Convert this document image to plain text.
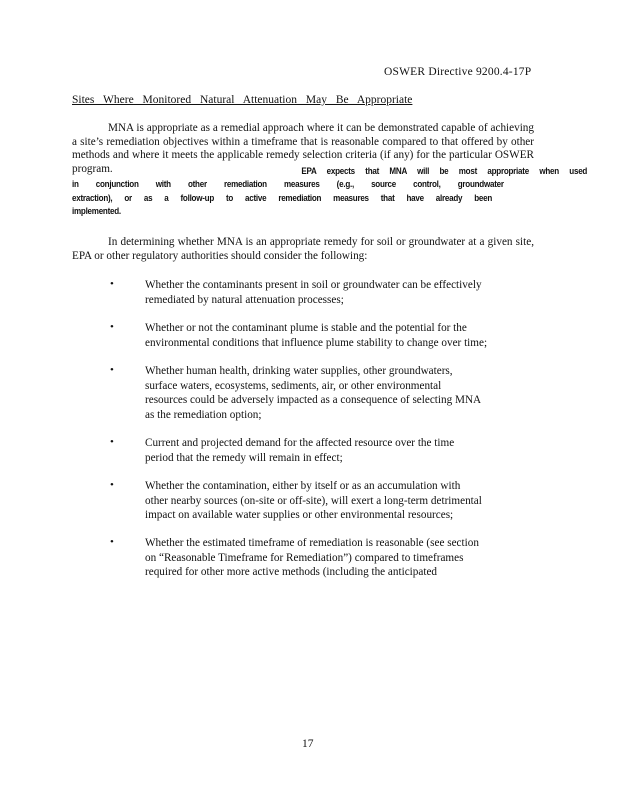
OSWER Directive 9200.4-17P
Sites Where Monitored Natural Attenuation May Be Appropriate

MNA is appropriate as a remedial approach where it can be demonstrated capable of achieving a site’s remediation objectives within a timeframe that is reasonable compared to that offered by other methods and where it meets the applicable remedy selection criteria (if any) for the particular OSWER program.	EPA expects that MNA will be most appropriate when used
in conjunction with other remediation measures (e.g., source control, groundwater
extraction), or as a follow-up to active remediation measures that have already been
implemented.

In determining whether MNA is an appropriate remedy for soil or groundwater at a given site, EPA or other regulatory authorities should consider the following:

•	Whether the contaminants present in soil or groundwater can be effectively
remediated by natural attenuation processes;

•	Whether or not the contaminant plume is stable and the potential for the
environmental conditions that influence plume stability to change over time;

•	Whether human health, drinking water supplies, other groundwaters,
surface waters, ecosystems, sediments, air, or other environmental
resources could be adversely impacted as a consequence of selecting MNA
as the remediation option;

•	Current and projected demand for the affected resource over the time
period that the remedy will remain in effect;

•	Whether the contamination, either by itself or as an accumulation with
other nearby sources (on-site or off-site), will exert a long-term detrimental
impact on available water supplies or other environmental resources;

•	Whether the estimated timeframe of remediation is reasonable (see section
on “Reasonable Timeframe for Remediation”) compared to timeframes
required for other more active methods (including the anticipated

17
